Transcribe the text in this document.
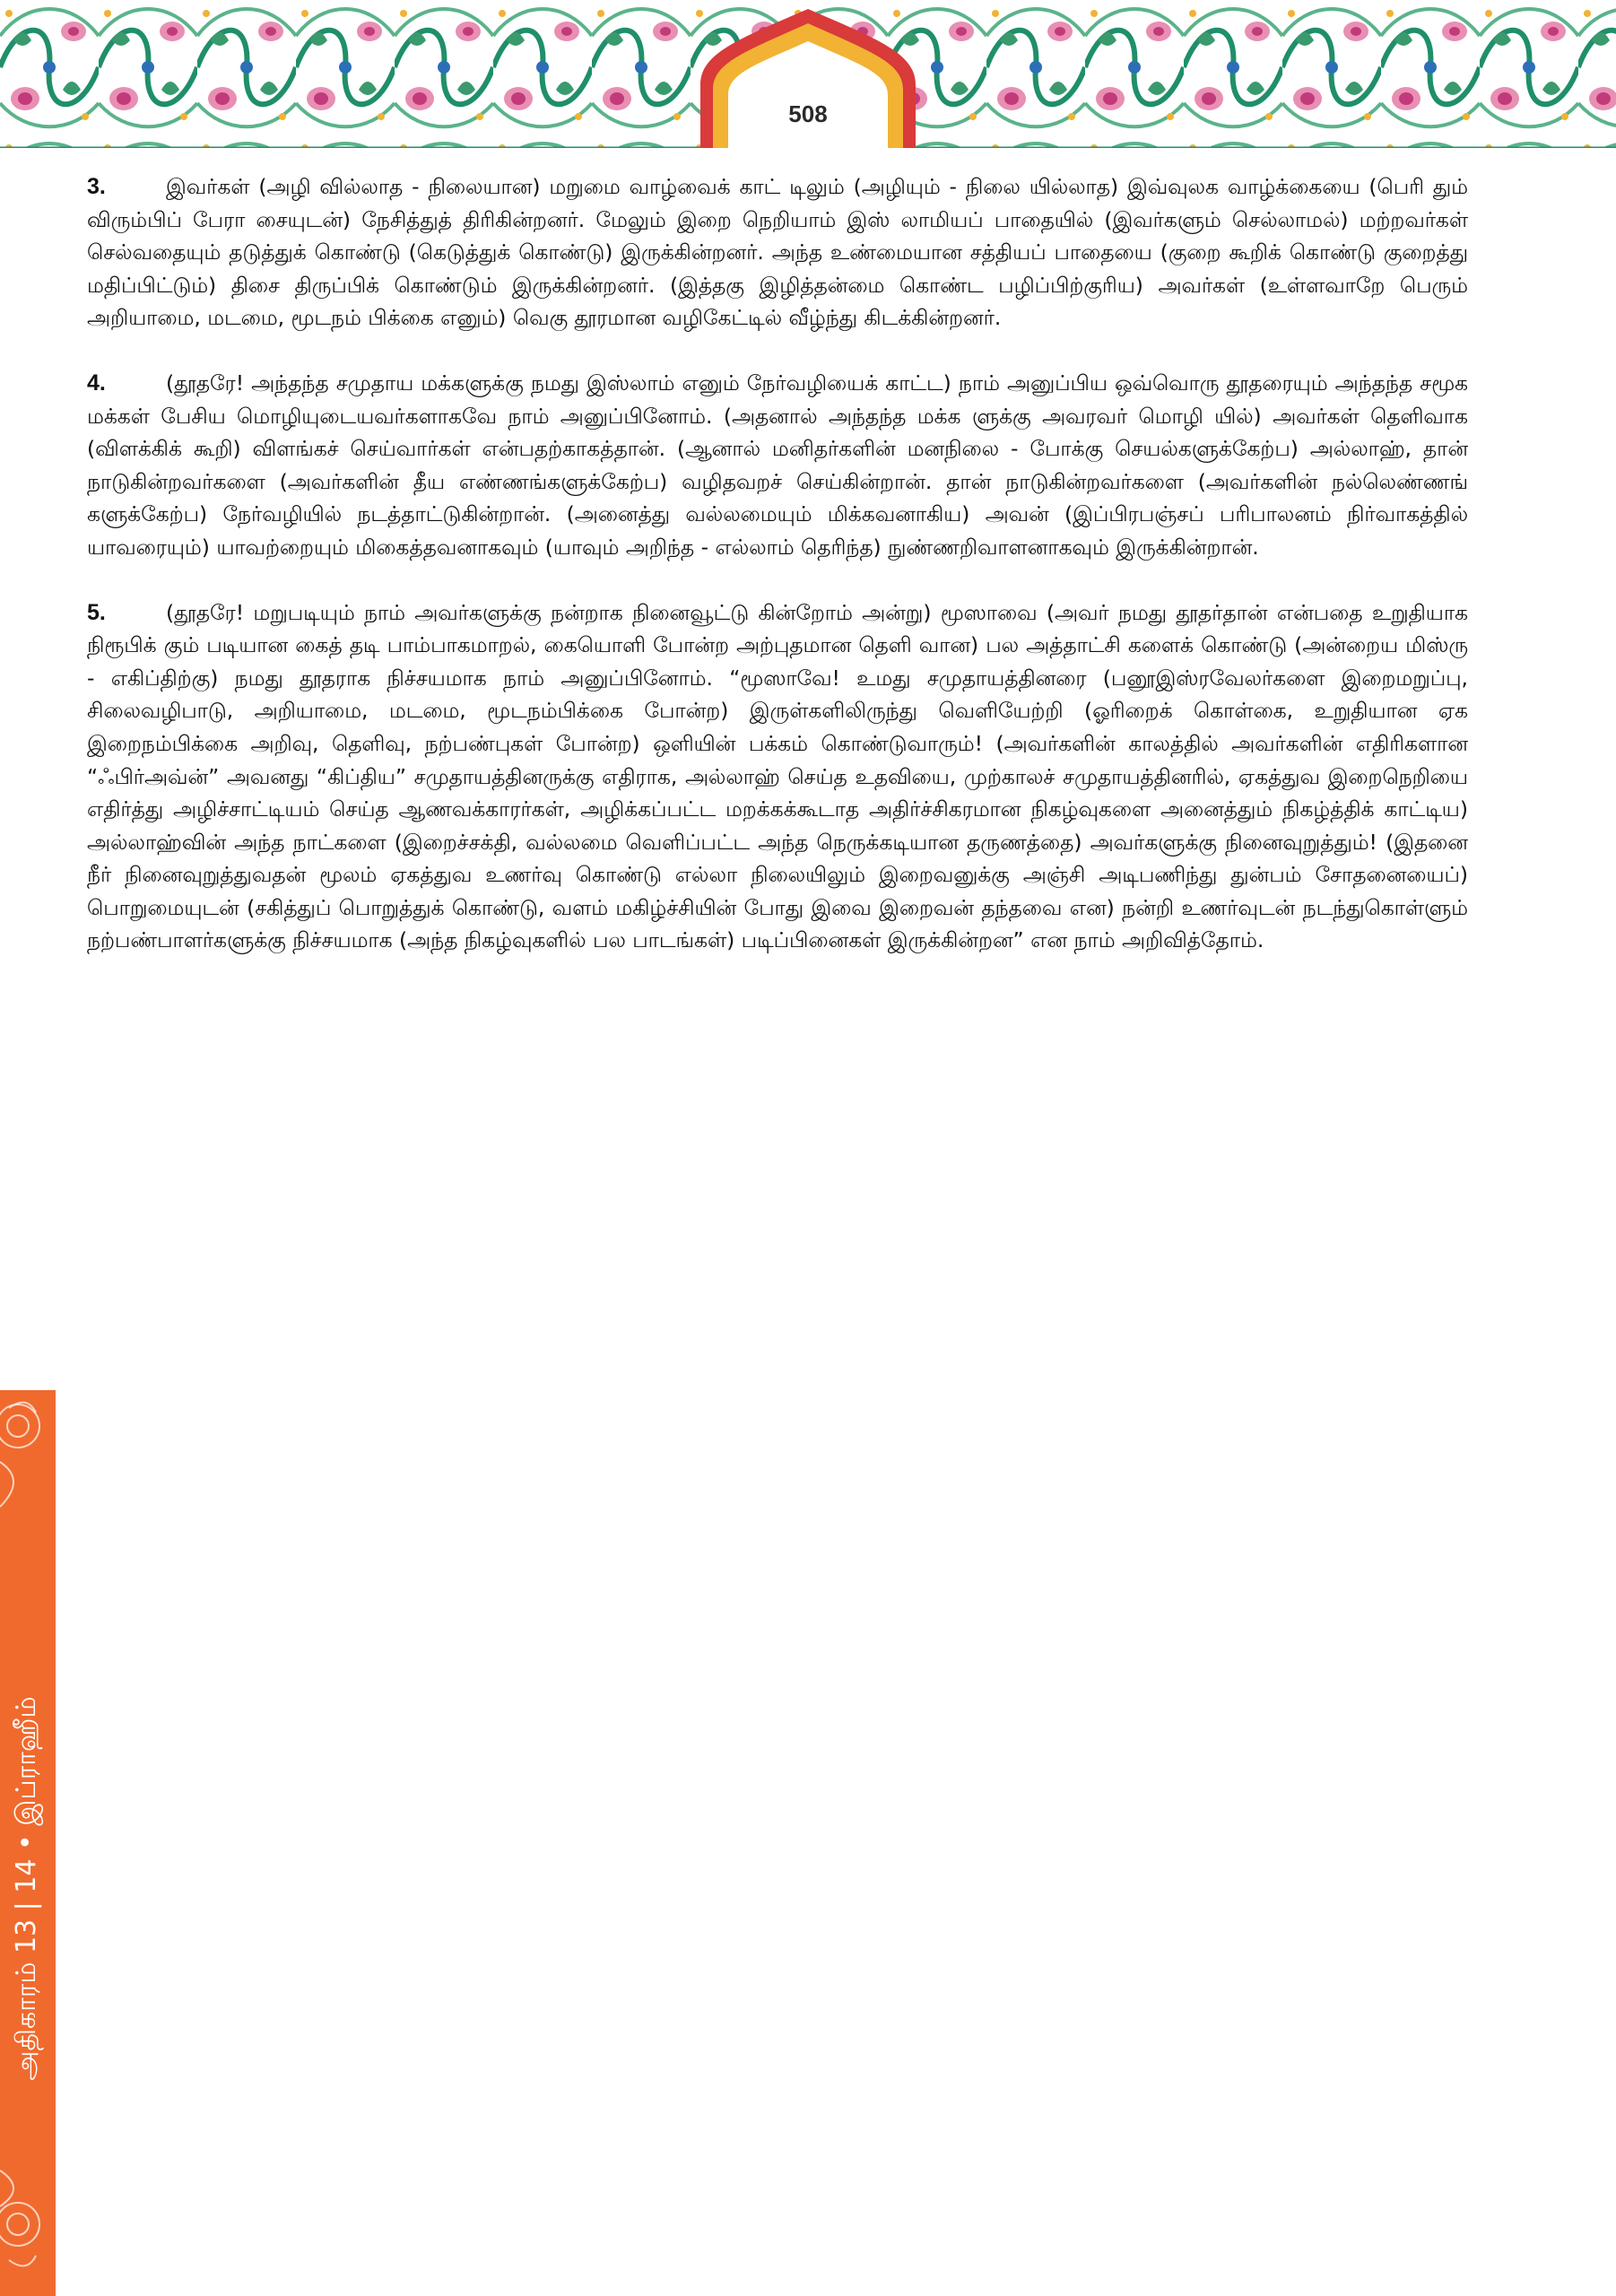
508
அதிகாரம் 13 | 14 • இப்ராஹீம்

3.	இவர்கள் (அழி வில்லாத - நிலையான) மறுமை வாழ்வைக் காட் டிலும் (அழியும் - நிலை யில்லாத) இவ்வுலக வாழ்க்கையை (பெரி தும் விரும்பிப் பேரா சையுடன்) நேசித்துத் திரிகின்றனர். மேலும் இறை நெறியாம் இஸ் லாமியப் பாதையில் (இவர்களும் செல்லாமல்) மற்றவர்கள் செல்வதையும் தடுத்துக் கொண்டு (கெடுத்துக் கொண்டு) இருக்கின்றனர். அந்த உண்மையான சத்தியப் பாதையை (குறை கூறிக் கொண்டு குறைத்து மதிப்பிட்டும்) திசை திருப்பிக் கொண்டும் இருக்கின்றனர். (இத்தகு இழித்தன்மை கொண்ட பழிப்பிற்குரிய) அவர்கள் (உள்ளவாறே பெரும் அறியாமை, மடமை, மூடநம் பிக்கை எனும்) வெகு தூரமான வழிகேட்டில் வீழ்ந்து கிடக்கின்றனர்.

4.	(தூதரே! அந்தந்த சமுதாய மக்களுக்கு நமது இஸ்லாம் எனும் நேர்வழியைக் காட்ட) நாம் அனுப்பிய ஒவ்வொரு தூதரையும் அந்தந்த சமூக மக்கள் பேசிய மொழியுடையவர்களாகவே நாம் அனுப்பினோம். (அதனால் அந்தந்த மக்க ளுக்கு அவரவர் மொழி யில்) அவர்கள் தெளிவாக (விளக்கிக் கூறி) விளங்கச் செய்வார்கள் என்பதற்காகத்தான். (ஆனால் மனிதர்களின் மனநிலை - போக்கு செயல்களுக்கேற்ப) அல்லாஹ், தான் நாடுகின்றவர்களை (அவர்களின் தீய எண்ணங்களுக்கேற்ப) வழிதவறச் செய்கின்றான். தான் நாடுகின்றவர்களை (அவர்களின் நல்லெண்ணங் களுக்கேற்ப) நேர்வழியில் நடத்தாட்டுகின்றான். (அனைத்து வல்லமையும் மிக்கவனாகிய) அவன் (இப்பிரபஞ்சப் பரிபாலனம் நிர்வாகத்தில் யாவரையும்) யாவற்றையும் மிகைத்தவனாகவும் (யாவும் அறிந்த - எல்லாம் தெரிந்த) நுண்ணறிவாளனாகவும் இருக்கின்றான்.

5.	(தூதரே! மறுபடியும் நாம் அவர்களுக்கு நன்றாக நினைவூட்டு கின்றோம் அன்று) மூஸாவை (அவர் நமது தூதர்தான் என்பதை உறுதியாக நிரூபிக் கும் படியான கைத் தடி பாம்பாகமாறல், கையொளி போன்ற அற்புதமான தெளி வான) பல அத்தாட்சி களைக் கொண்டு (அன்றைய மிஸ்ரு - எகிப்திற்கு) நமது தூதராக நிச்சயமாக நாம் அனுப்பினோம். “மூஸாவே! உமது சமுதாயத்தினரை (பனூஇஸ்ரவேலர்களை இறைமறுப்பு, சிலைவழிபாடு, அறியாமை, மடமை, மூடநம்பிக்கை போன்ற) இருள்களிலிருந்து வெளியேற்றி (ஓரிறைக் கொள்கை, உறுதியான ஏக இறைநம்பிக்கை அறிவு, தெளிவு, நற்பண்புகள் போன்ற) ஒளியின் பக்கம் கொண்டுவாரும்! (அவர்களின் காலத்தில் அவர்களின் எதிரிகளான “ஃபிர்அவ்ன்” அவனது “கிப்திய” சமுதாயத்தினருக்கு எதிராக, அல்லாஹ் செய்த உதவியை, முற்காலச் சமுதாயத்தினரில், ஏகத்துவ இறைநெறியை எதிர்த்து அழிச்சாட்டியம் செய்த ஆணவக்காரர்கள், அழிக்கப்பட்ட மறக்கக்கூடாத அதிர்ச்சிகரமான நிகழ்வுகளை அனைத்தும் நிகழ்த்திக் காட்டிய) அல்லாஹ்வின் அந்த நாட்களை (இறைச்சக்தி, வல்லமை வெளிப்பட்ட அந்த நெருக்கடியான தருணத்தை) அவர்களுக்கு நினைவுறுத்தும்! (இதனை நீர் நினைவுறுத்துவதன் மூலம் ஏகத்துவ உணர்வு கொண்டு எல்லா நிலையிலும் இறைவனுக்கு அஞ்சி அடிபணிந்து துன்பம் சோதனையைப்) பொறுமையுடன் (சகித்துப் பொறுத்துக் கொண்டு, வளம் மகிழ்ச்சியின் போது இவை இறைவன் தந்தவை என) நன்றி உணர்வுடன் நடந்துகொள்ளும் நற்பண்பாளர்களுக்கு நிச்சயமாக (அந்த நிகழ்வுகளில் பல பாடங்கள்) படிப்பினைகள் இருக்கின்றன” என நாம் அறிவித்தோம்.
